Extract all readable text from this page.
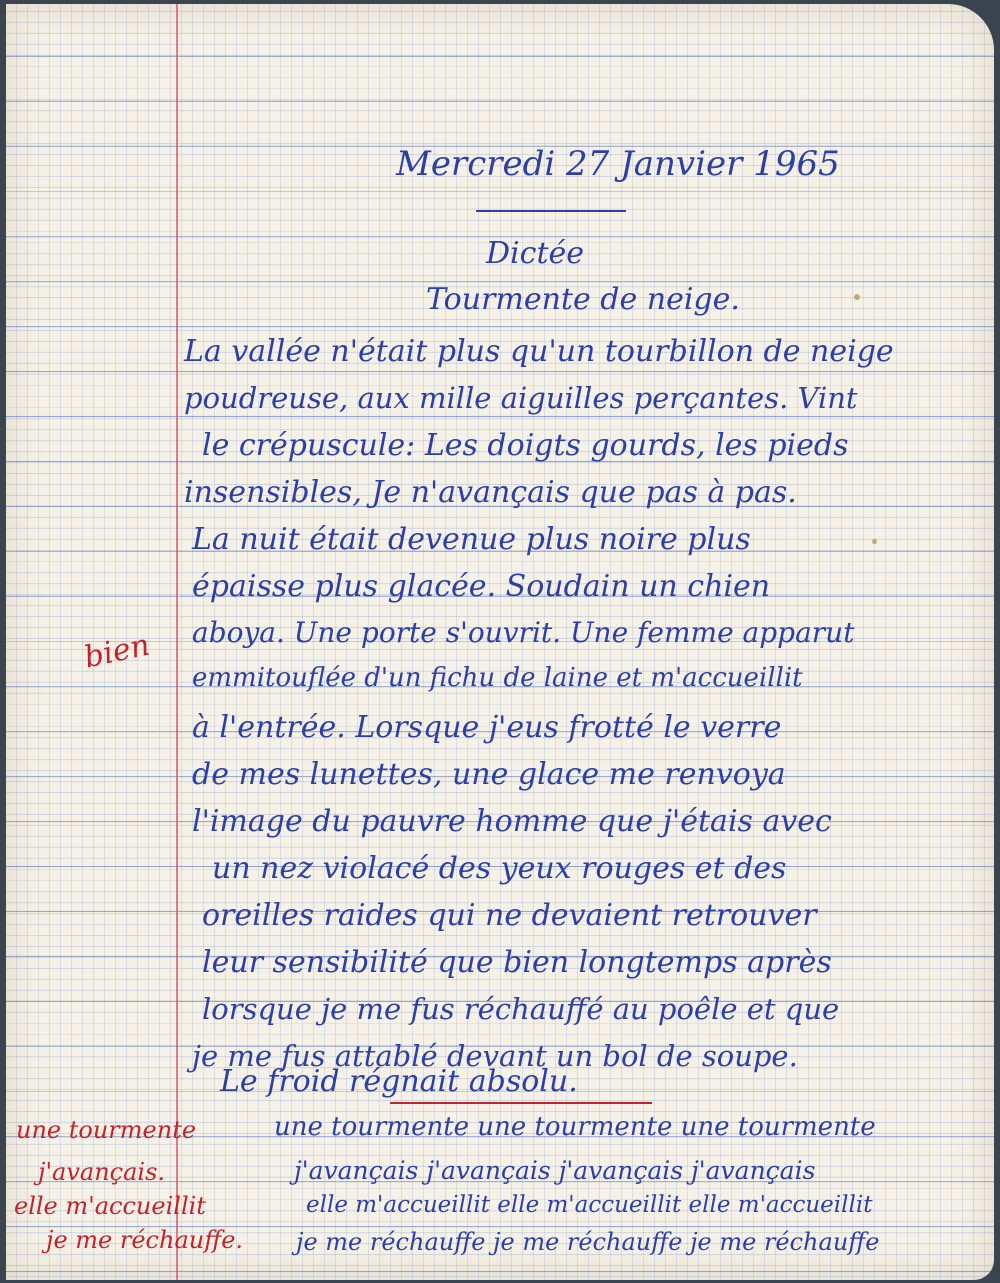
Mercredi 27 Janvier 1965
Dictée
Tourmente de neige.
La vallée n'était plus qu'un tourbillon de neige
poudreuse, aux mille aiguilles perçantes. Vint
le crépuscule: Les doigts gourds, les pieds
insensibles, Je n'avançais que pas à pas.
La nuit était devenue plus noire plus
épaisse plus glacée. Soudain un chien
aboya. Une porte s'ouvrit. Une femme apparut
emmitouflée d'un fichu de laine et m'accueillit
à l'entrée. Lorsque j'eus frotté le verre
de mes lunettes, une glace me renvoya
l'image du pauvre homme que j'étais avec
un nez violacé des yeux rouges et des
oreilles raides qui ne devaient retrouver
leur sensibilité que bien longtemps après
lorsque je me fus réchauffé au poêle et que
je me fus attablé devant un bol de soupe.
Le froid régnait absolu.
bien
une tourmente
j'avançais.
elle m'accueillit
je me réchauffe.
une tourmente une tourmente une tourmente
j'avançais j'avançais j'avançais j'avançais
elle m'accueillit elle m'accueillit elle m'accueillit
je me réchauffe je me réchauffe je me réchauffe
